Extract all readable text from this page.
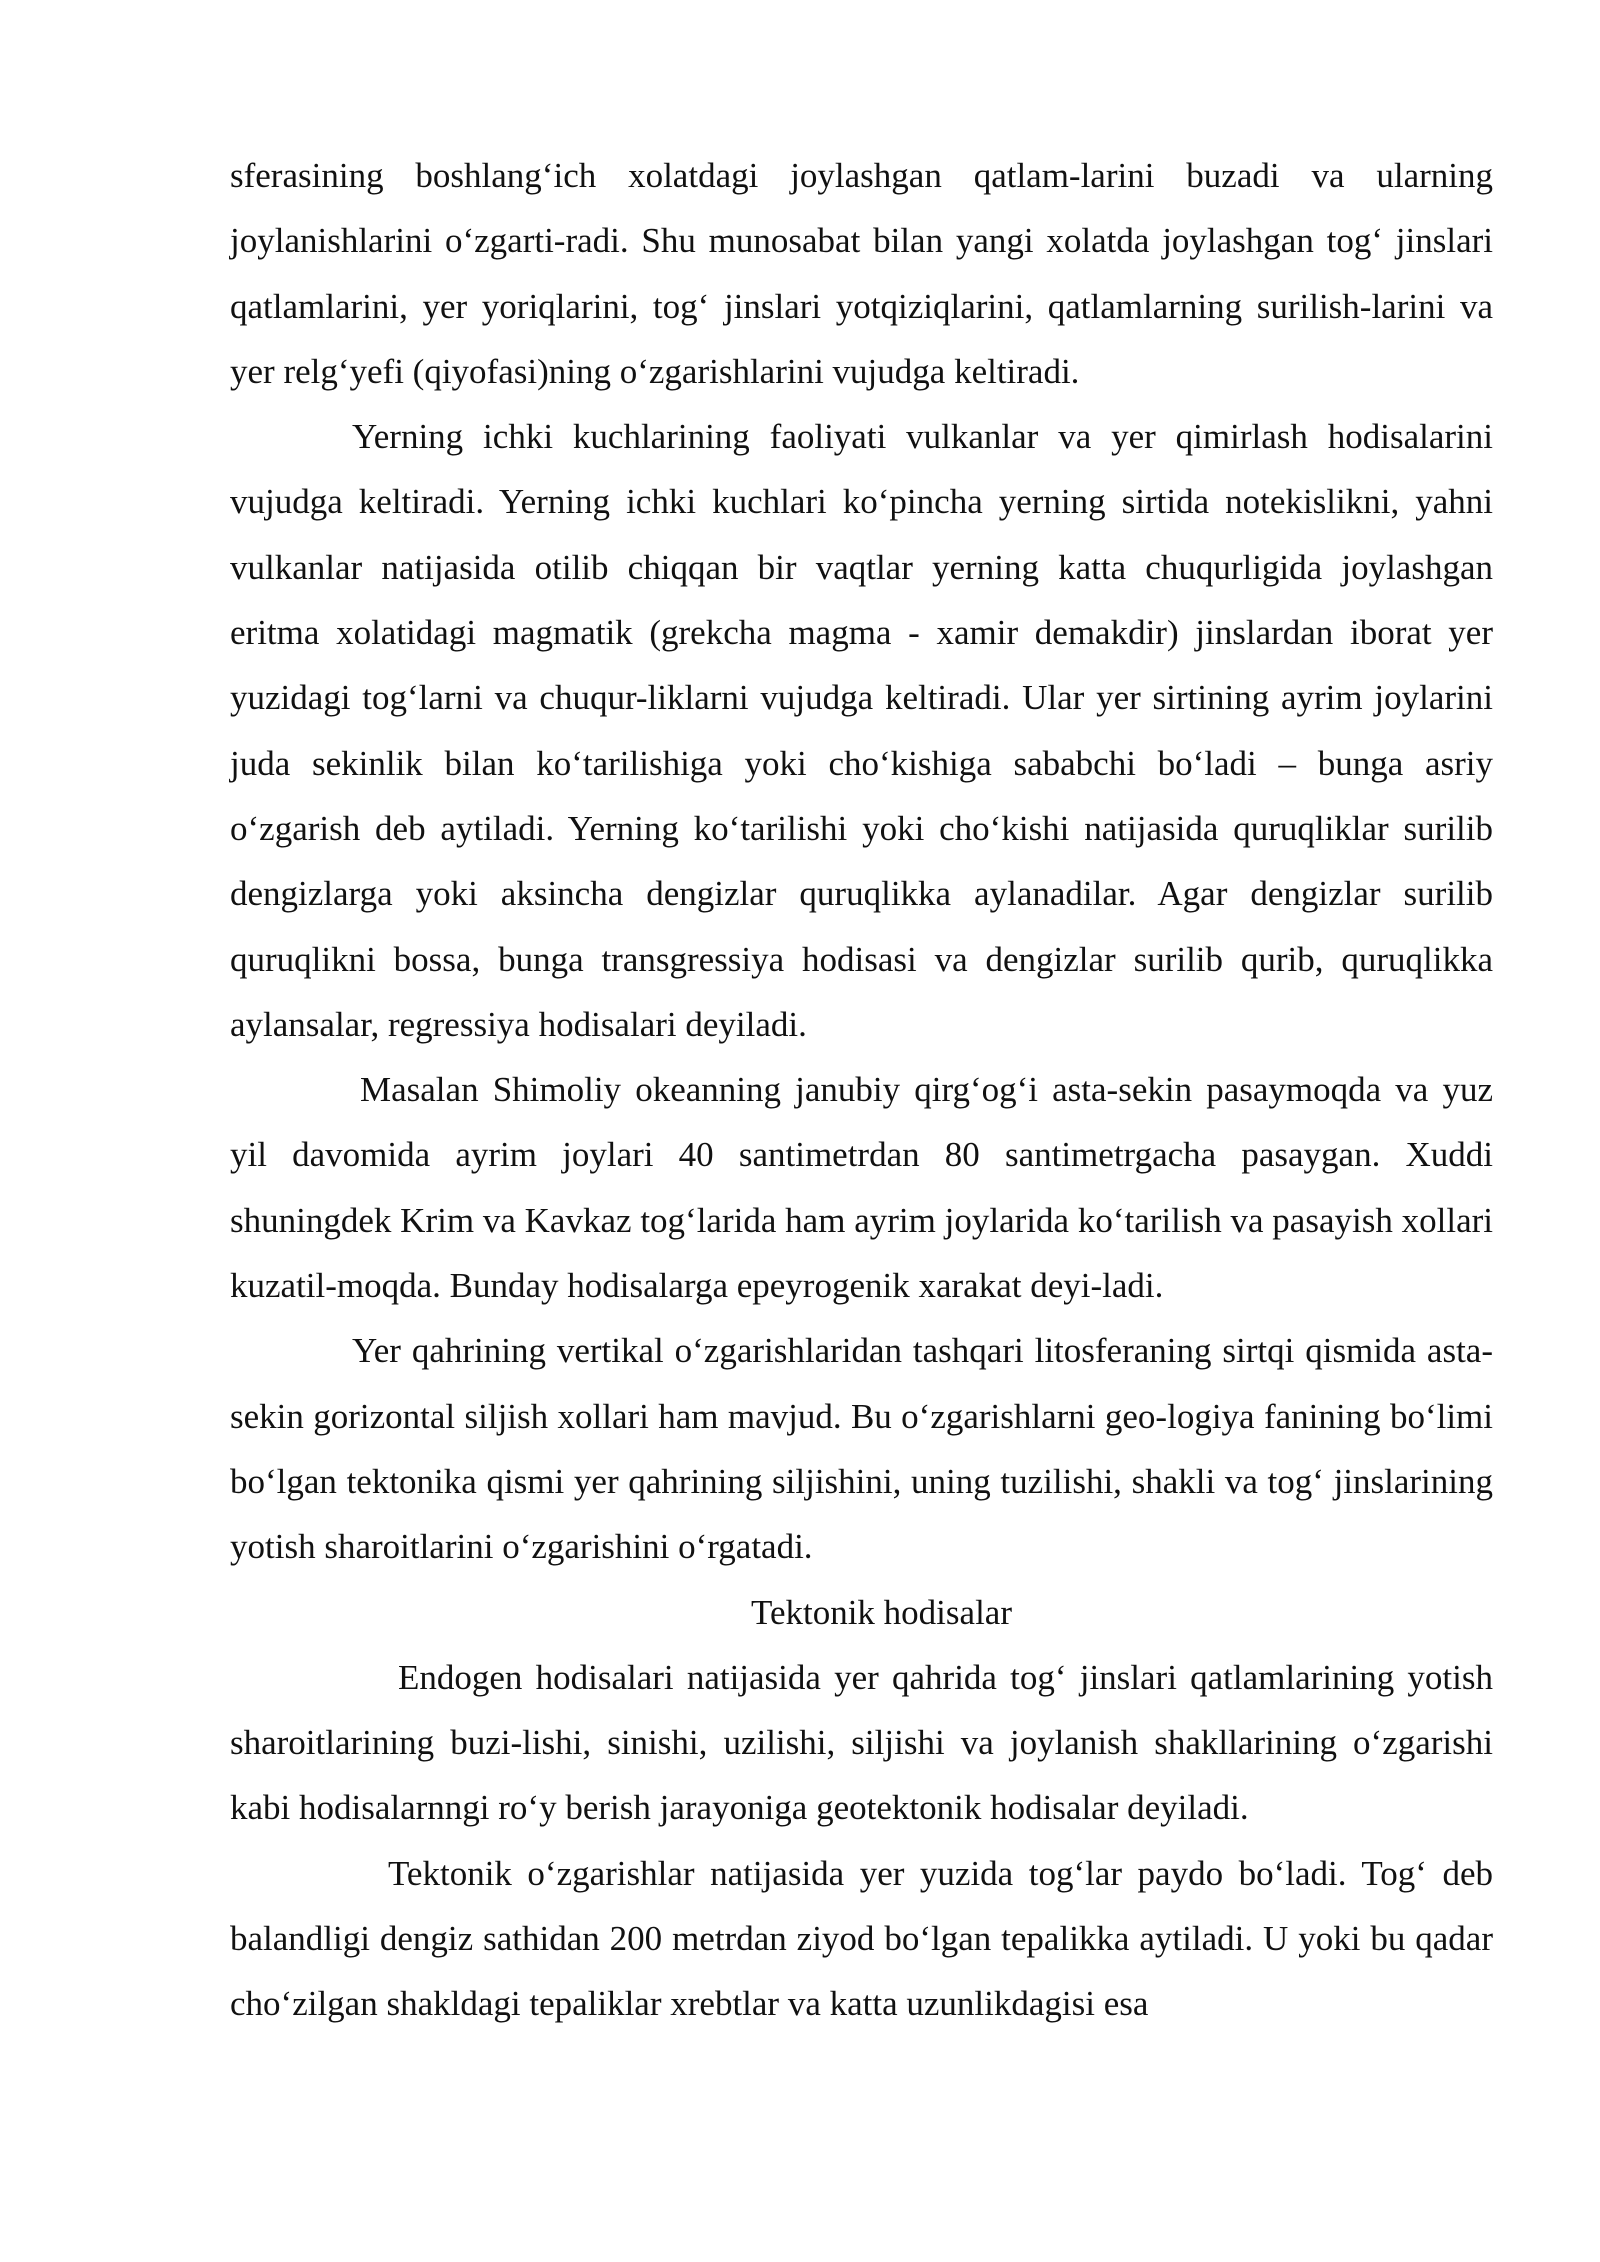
sferasining boshlang‘ich xolatdagi joylashgan qatlam-larini buzadi va ularning joylanishlarini o‘zgarti-radi. Shu munosabat bilan yangi xolatda joylashgan tog‘ jinslari qatlamlarini, yer yoriqlarini, tog‘ jinslari yotqiziqlarini, qatlamlarning surilish-larini va yer relg‘yefi (qiyofasi)ning o‘zgarishlarini vujudga keltiradi.

Yerning ichki kuchlarining faoliyati vulkanlar va yer qimirlash hodisalarini vujudga keltiradi. Yerning ichki kuchlari ko‘pincha yerning sirtida notekislikni, yahni vulkanlar natijasida otilib chiqqan bir vaqtlar yerning katta chuqurligida joylashgan eritma xolatidagi magmatik (grekcha magma - xamir demakdir) jinslardan iborat yer yuzidagi tog‘larni va chuqur-liklarni vujudga keltiradi. Ular yer sirtining ayrim joylarini juda sekinlik bilan ko‘tarilishiga yoki cho‘kishiga sababchi bo‘ladi – bunga asriy o‘zgarish deb aytiladi. Yerning ko‘tarilishi yoki cho‘kishi natijasida quruqliklar surilib dengizlarga yoki aksincha dengizlar quruqlikka aylanadilar. Agar dengizlar surilib quruqlikni bossa, bunga transgressiya hodisasi va dengizlar surilib qurib, quruqlikka aylansalar, regressiya hodisalari deyiladi.

Masalan Shimoliy okeanning janubiy qirg‘og‘i asta-sekin pasaymoqda va yuz yil davomida ayrim joylari 40 santimetrdan 80 santimetrgacha pasaygan. Xuddi shuningdek Krim va Kavkaz tog‘larida ham ayrim joylarida ko‘tarilish va pasayish xollari kuzatil-moqda. Bunday hodisalarga epeyrogenik xarakat deyi-ladi.

Yer qahrining vertikal o‘zgarishlaridan tashqari litosferaning sirtqi qismida asta-sekin gorizontal siljish xollari ham mavjud. Bu o‘zgarishlarni geo-logiya fanining bo‘limi bo‘lgan tektonika qismi yer qahrining siljishini, uning tuzilishi, shakli va tog‘ jinslarining yotish sharoitlarini o‘zgarishini o‘rgatadi.

Tektonik hodisalar

Endogen hodisalari natijasida yer qahrida tog‘ jinslari qatlamlarining yotish sharoitlarining buzi-lishi, sinishi, uzilishi, siljishi va joylanish shakllarining o‘zgarishi kabi hodisalarnngi ro‘y berish jarayoniga geotektonik hodisalar deyiladi.

Tektonik o‘zgarishlar natijasida yer yuzida tog‘lar paydo bo‘ladi. Tog‘ deb balandligi dengiz sathidan 200 metrdan ziyod bo‘lgan tepalikka aytiladi. U yoki bu qadar cho‘zilgan shakldagi tepaliklar xrebtlar va katta uzunlikdagisi esa
